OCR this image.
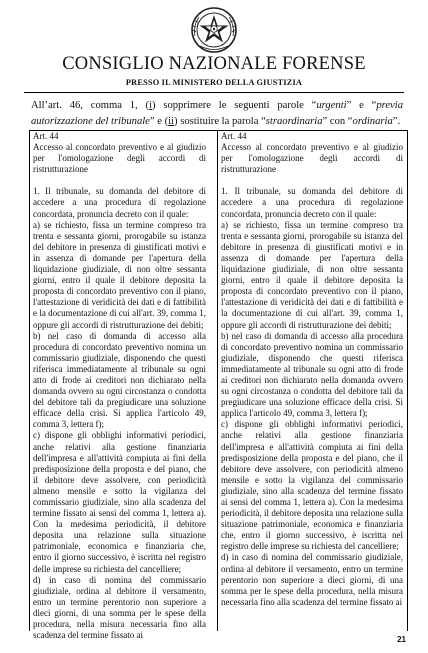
CONSIGLIO NAZIONALE FORENSE
PRESSO IL MINISTERO DELLA GIUSTIZIA
All’art. 46, comma 1, (i) sopprimere le seguenti parole “urgenti” e “previa autorizzazione del tribunale” e (ii) sostituire la parola “straordinaria” con “ordinaria”.

Art. 44

Accesso al concordato preventivo e al giudizio per l'omologazione degli accordi di ristrutturazione

1. Il tribunale, su domanda del debitore di accedere a una procedura di regolazione concordata, pronuncia decreto con il quale:

a) se richiesto, fissa un termine compreso tra trenta e sessanta giorni, prorogabile su istanza del debitore in presenza di giustificati motivi e in assenza di domande per l'apertura della liquidazione giudiziale, di non oltre sessanta giorni, entro il quale il debitore deposita la proposta di concordato preventivo con il piano, l'attestazione di veridicità dei dati e di fattibilità e la documentazione di cui all'art. 39, comma 1, oppure gli accordi di ristrutturazione dei debiti;

b) nel caso di domanda di accesso alla procedura di concordato preventivo nomina un commissario giudiziale, disponendo che questi riferisca immediatamente al tribunale su ogni atto di frode ai creditori non dichiarato nella domanda ovvero su ogni circostanza o condotta del debitore tali da pregiudicare una soluzione efficace della crisi. Si applica l'articolo 49, comma 3, lettera f);

c) dispone gli obblighi informativi periodici, anche relativi alla gestione finanziaria dell'impresa e all'attività compiuta ai fini della predisposizione della proposta e del piano, che il debitore deve assolvere, con periodicità almeno mensile e sotto la vigilanza del commissario giudiziale, sino alla scadenza del termine fissato ai sensi del comma 1, lettera a). Con la medesima periodicità, il debitore deposita una relazione sulla situazione patrimoniale, economica e finanziaria che, entro il giorno successivo, è iscritta nel registro delle imprese su richiesta del cancelliere;

d) in caso di nomina del commissario giudiziale, ordina al debitore il versamento, entro un termine perentorio non superiore a dieci giorni, di una somma per le spese della procedura, nella misura necessaria fino alla scadenza del termine fissato ai

Art. 44

Accesso al concordato preventivo e al giudizio per l'omologazione degli accordi di ristrutturazione

1. Il tribunale, su domanda del debitore di accedere a una procedura di regolazione concordata, pronuncia decreto con il quale:

a) se richiesto, fissa un termine compreso tra trenta e sessanta giorni, prorogabile su istanza del debitore in presenza di giustificati motivi e in assenza di domande per l'apertura della liquidazione giudiziale, di non oltre sessanta giorni, entro il quale il debitore deposita la proposta di concordato preventivo con il piano, l'attestazione di veridicità dei dati e di fattibilità e la documentazione di cui all'art. 39, comma 1, oppure gli accordi di ristrutturazione dei debiti;

b) nel caso di domanda di accesso alla procedura di concordato preventivo nomina un commissario giudiziale, disponendo che questi riferisca immediatamente al tribunale su ogni atto di frode ai creditori non dichiarato nella domanda ovvero su ogni circostanza o condotta del debitore tali da pregiudicare una soluzione efficace della crisi. Si applica l'articolo 49, comma 3, lettera f);

c) dispone gli obblighi informativi periodici, anche relativi alla gestione finanziaria dell'impresa e all'attività compiuta ai fini della predisposizione della proposta e del piano, che il debitore deve assolvere, con periodicità almeno mensile e sotto la vigilanza del commissario giudiziale, sino alla scadenza del termine fissato ai sensi del comma 1, lettera a). Con la medesima periodicità, il debitore deposita una relazione sulla situazione patrimoniale, economica e finanziaria che, entro il giorno successivo, è iscritta nel registro delle imprese su richiesta del cancelliere;

d) in caso di nomina del commissario giudiziale, ordina al debitore il versamento, entro un termine perentorio non superiore a dieci giorni, di una somma per le spese della procedura, nella misura necessaria fino alla scadenza del termine fissato ai

21
